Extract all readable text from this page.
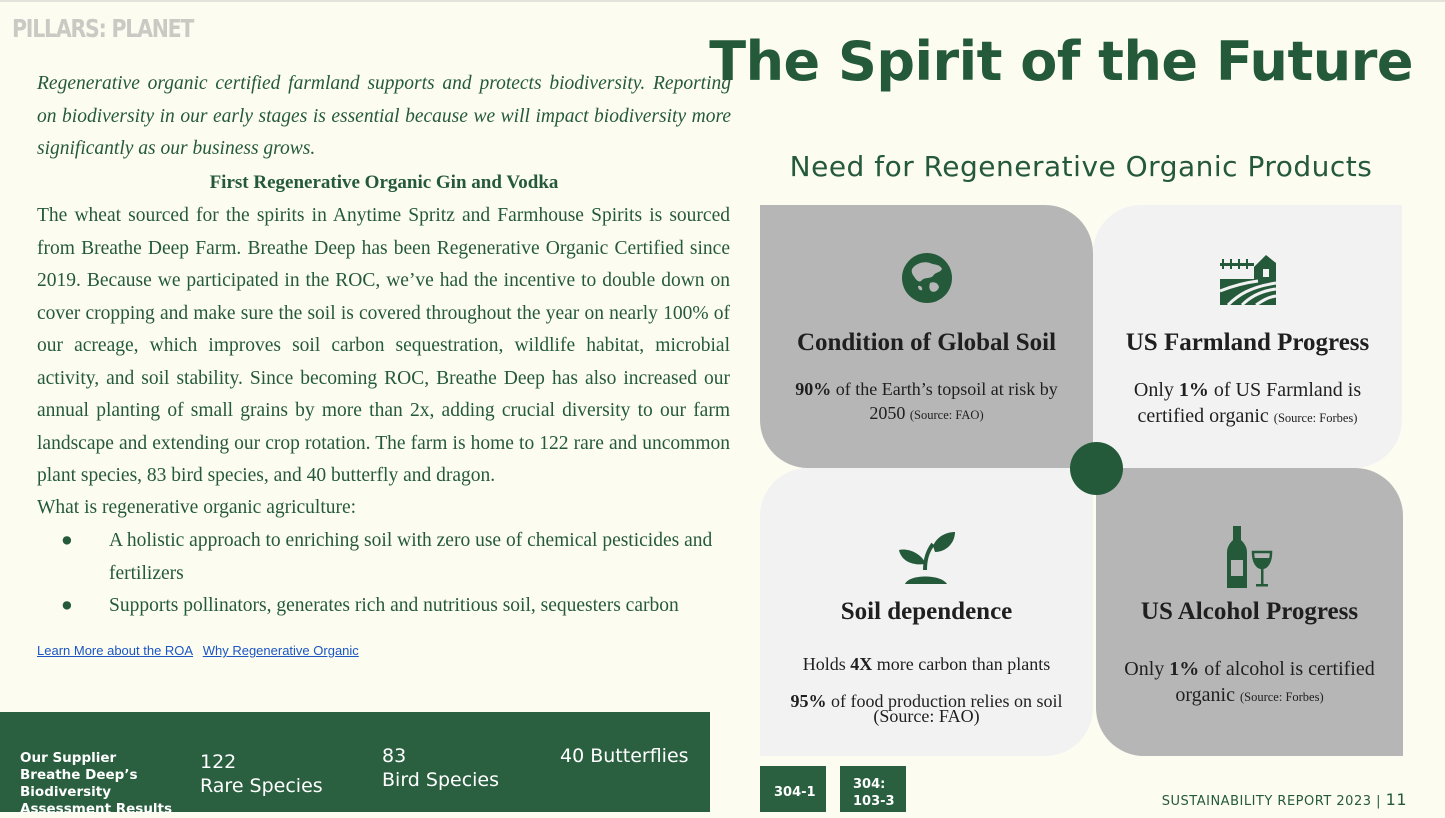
PILLARS: PLANET
The Spirit of the Future
Regenerative organic certified farmland supports and protects biodiversity. Reporting on biodiversity in our early stages is essential because we will impact biodiversity more significantly as our business grows.
First Regenerative Organic Gin and Vodka

The wheat sourced for the spirits in Anytime Spritz and Farmhouse Spirits is sourced from Breathe Deep Farm. Breathe Deep has been Regenerative Organic Certified since 2019. Because we participated in the ROC, we’ve had the incentive to double down on cover cropping and make sure the soil is covered throughout the year on nearly 100% of our acreage, which improves soil carbon sequestration, wildlife habitat, microbial activity, and soil stability. Since becoming ROC, Breathe Deep has also increased our annual planting of small grains by more than 2x, adding crucial diversity to our farm landscape and extending our crop rotation. The farm is home to 122 rare and uncommon plant species, 83 bird species, and 40 butterfly and dragon.

What is regenerative organic agriculture:
● A holistic approach to enriching soil with zero use of chemical pesticides and fertilizers
● Supports pollinators, generates rich and nutritious soil, sequesters carbon
Learn More about the ROA Why Regenerative Organic
Our Supplier Breathe Deep’s Biodiversity Assessment Results
122
Rare Species
83
Bird Species
40 Butterflies
Need for Regenerative Organic Products
Condition of Global Soil
90% of the Earth’s topsoil at risk by 2050 (Source: FAO)
US Farmland Progress
Only 1% of US Farmland is certified organic (Source: Forbes)
Soil dependence
Holds 4X more carbon than plants
95% of food production relies on soil
(Source: FAO)
US Alcohol Progress
Only 1% of alcohol is certified organic (Source: Forbes)
304-1
304: 103-3	SUSTAINABILITY REPORT 2023 | 11
